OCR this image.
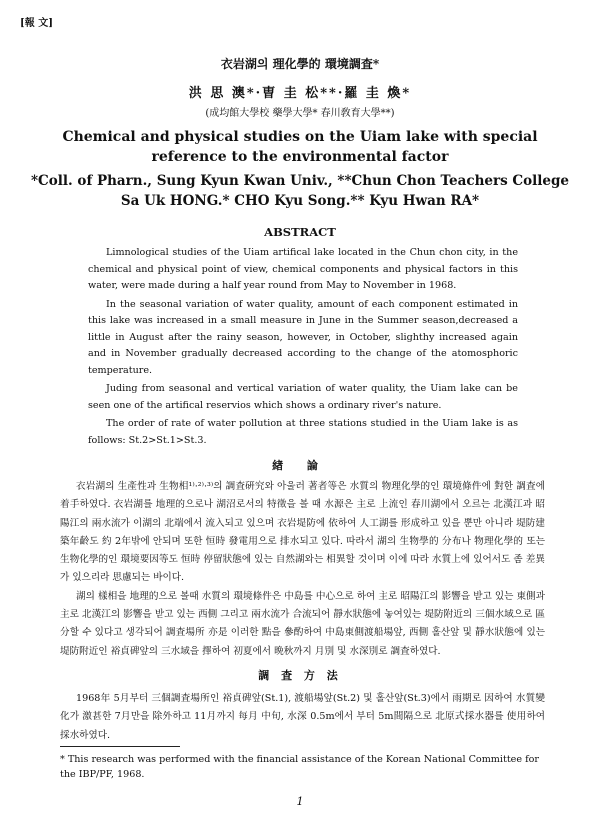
[報 文]
衣岩湖의 理化學的 環境調査*
洪 思 澳*·曺 圭 松**·羅 圭 煥*
(成均館大學校 藥學大學* 春川敎育大學**)
Chemical and physical studies on the Uiam lake with special
reference to the environmental factor
*Coll. of Pharn., Sung Kyun Kwan Univ., **Chun Chon Teachers College
Sa Uk HONG.* CHO Kyu Song.** Kyu Hwan RA*
ABSTRACT

Limnological studies of the Uiam artifical lake located in the Chun chon city, in the chemical and physical point of view, chemical components and physical factors in this water, were made during a half year round from May to November in 1968.

In the seasonal variation of water quality, amount of each component estimated in this lake was increased in a small measure in June in the Summer season,decreased a little in August after the rainy season, however, in October, slighthy increased again and in November gradually decreased according to the change of the atomosphoric temperature.

Juding from seasonal and vertical variation of water quality, the Uiam lake can be seen one of the artifical reservios which shows a ordinary river's nature.

The order of rate of water pollution at three stations studied in the Uiam lake is as follows: St.2>St.1>St.3.

緖 論

衣岩湖의 生產性과 生物相¹⁾·²⁾·³⁾의 調査硏究와 아울러 著者等은 水質의 物理化學的인 環境條件에 對한 調査에 着手하였다. 衣岩湖를 地理的으로나 湖沼로서의 特徵을 볼 때 水源은 主로 上流인 春川湖에서 오르는 北漢江과 昭陽江의 兩水流가 이湖의 北端에서 流入되고 있으며 衣岩堤防에 依하여 人工湖를 形成하고 있을 뿐만 아니라 堤防建築年齡도 約 2年밖에 안되며 또한 恒時 發電用으로 排水되고 있다. 따라서 湖의 生物學的 分布나 物理化學的 또는 生物化學的인 環境要因等도 恒時 停留狀態에 있는 自然湖와는 相異할 것이며 이에 따라 水質上에 있어서도 좀 差異가 있으리라 思慮되는 바이다.

湖의 樣相을 地理的으로 볼때 水質의 環境條件은 中島를 中心으로 하여 主로 昭陽江의 影響을 받고 있는 東側과 主로 北漢江의 影響을 받고 있는 西側 그리고 兩水流가 合流되어 靜水狀態에 놓여있는 堤防附近의 三個水域으로 區分할 수 있다고 생각되어 調査場所 亦是 이러한 點을 參酌하여 中島東側渡船場앞, 西側 홀산앞 및 靜水狀態에 있는 堤防附近인 裕貞碑앞의 三水域을 擇하여 初夏에서 晩秋까지 月別 및 水深別로 調査하였다.

調 査 方 法

1968年 5月부터 三個調査場所인 裕貞碑앞(St.1), 渡船場앞(St.2) 및 홀산앞(St.3)에서 雨期로 因하여 水質變化가 激甚한 7月만을 除外하고 11月까지 每月 中旬, 水深 0.5m에서 부터 5m間隔으로 北原式採水器를 使用하여 採水하였다.

* This research was performed with the financial assistance of the Korean National Committee for the IBP/PF, 1968.
1
